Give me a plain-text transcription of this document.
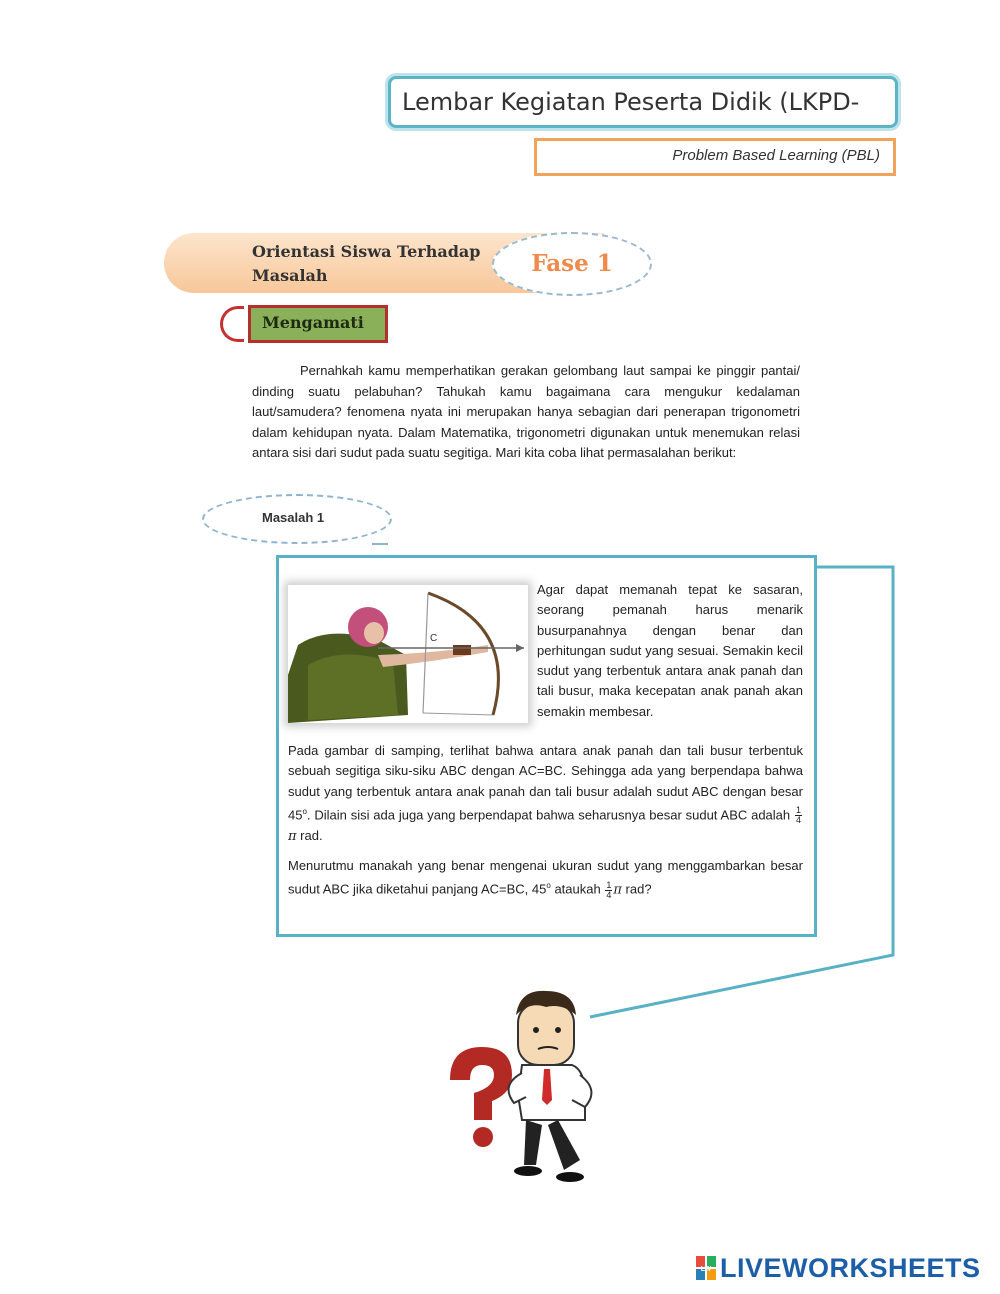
Lembar Kegiatan Peserta Didik (LKPD-
Problem Based Learning (PBL)
Orientasi Siswa Terhadap
Masalah	Fase 1
Mengamati
Pernahkah kamu memperhatikan gerakan gelombang laut sampai ke pinggir pantai/ dinding suatu pelabuhan? Tahukah kamu bagaimana cara mengukur kedalaman laut/samudera? fenomena nyata ini merupakan hanya sebagian dari penerapan trigonometri dalam kehidupan nyata. Dalam Matematika, trigonometri digunakan untuk menemukan relasi antara sisi dari sudut pada suatu segitiga. Mari kita coba lihat permasalahan berikut:
Masalah 1
C
Agar dapat memanah tepat ke sasaran, seorang pemanah harus menarik busurpanahnya dengan benar dan perhitungan sudut yang sesuai. Semakin kecil sudut yang terbentuk antara anak panah dan tali busur, maka kecepatan anak panah akan semakin membesar.
Pada gambar di samping, terlihat bahwa antara anak panah dan tali busur terbentuk sebuah segitiga siku-siku ABC dengan AC=BC. Sehingga ada yang berpendapa bahwa sudut yang terbentuk antara anak panah dan tali busur adalah sudut ABC dengan besar 45$^o$. Dilain sisi ada juga yang berpendapat bahwa seharusnya besar sudut ABC adalah $\frac{1}{4}$
π rad.
Menurutmu manakah yang benar mengenai ukuran sudut yang menggambarkan besar sudut ABC jika diketahui panjang AC=BC, 45$^o$ ataukah $\frac{1}{4}$ π rad?
LW LIVEWORKSHEETS
